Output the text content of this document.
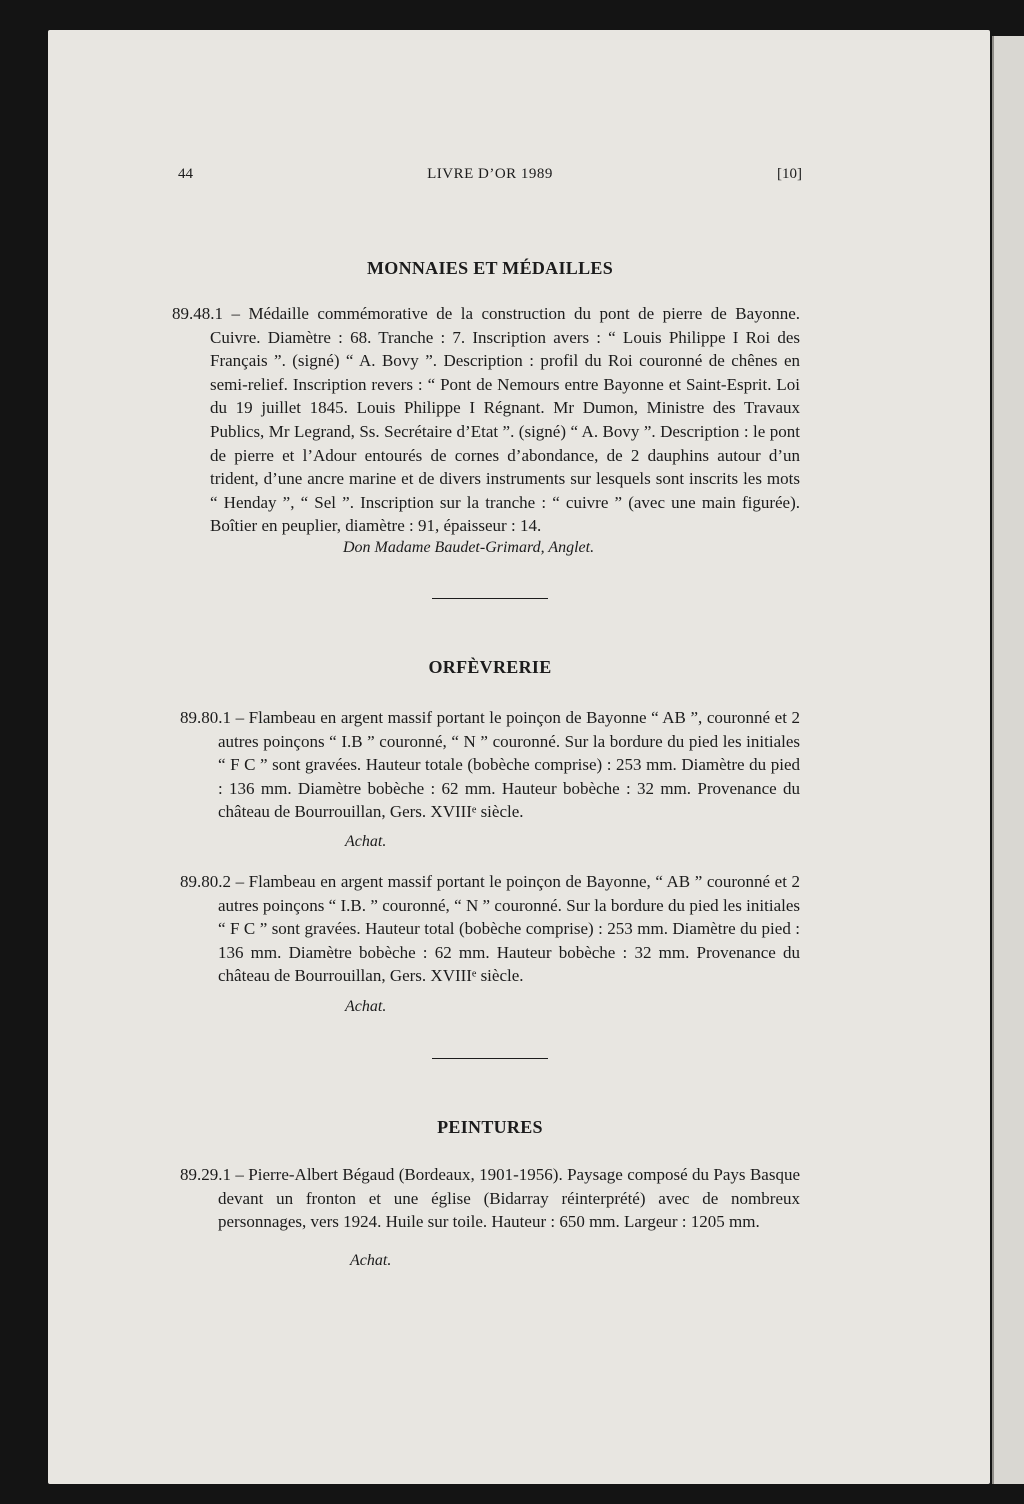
44	LIVRE D’OR 1989	[10]
MONNAIES ET MÉDAILLES
89.48.1 – Médaille commémorative de la construction du pont de pierre de Bayonne. Cuivre. Diamètre : 68. Tranche : 7. Inscription avers : “ Louis Philippe I Roi des Français ”. (signé) “ A. Bovy ”. Description : profil du Roi couronné de chênes en semi-relief. Inscription revers : “ Pont de Nemours entre Bayonne et Saint-Esprit. Loi du 19 juillet 1845. Louis Philippe I Régnant. Mr Dumon, Ministre des Travaux Publics, Mr Legrand, Ss. Secrétaire d’Etat ”. (signé) “ A. Bovy ”. Description : le pont de pierre et l’Adour entourés de cornes d’abondance, de 2 dauphins autour d’un trident, d’une ancre marine et de divers instruments sur lesquels sont inscrits les mots “ Henday ”, “ Sel ”. Inscription sur la tranche : “ cuivre ” (avec une main figurée). Boîtier en peuplier, diamètre : 91, épaisseur : 14.
Don Madame Baudet-Grimard, Anglet.
ORFÈVRERIE
89.80.1 – Flambeau en argent massif portant le poinçon de Bayonne “ AB ”, couronné et 2 autres poinçons “ I.B ” couronné, “ N ” couronné. Sur la bordure du pied les initiales “ F C ” sont gravées. Hauteur totale (bobèche comprise) : 253 mm. Diamètre du pied : 136 mm. Diamètre bobèche : 62 mm. Hauteur bobèche : 32 mm. Provenance du château de Bourrouillan, Gers. XVIIIᵉ siècle.
Achat.
89.80.2 – Flambeau en argent massif portant le poinçon de Bayonne, “ AB ” couronné et 2 autres poinçons “ I.B. ” couronné, “ N ” couronné. Sur la bordure du pied les initiales “ F C ” sont gravées. Hauteur total (bobèche comprise) : 253 mm. Diamètre du pied : 136 mm. Diamètre bobèche : 62 mm. Hauteur bobèche : 32 mm. Provenance du château de Bourrouillan, Gers. XVIIIᵉ siècle.
Achat.
PEINTURES
89.29.1 – Pierre-Albert Bégaud (Bordeaux, 1901-1956). Paysage composé du Pays Basque devant un fronton et une église (Bidarray réinterprété) avec de nombreux personnages, vers 1924. Huile sur toile. Hauteur : 650 mm. Largeur : 1205 mm.
Achat.
